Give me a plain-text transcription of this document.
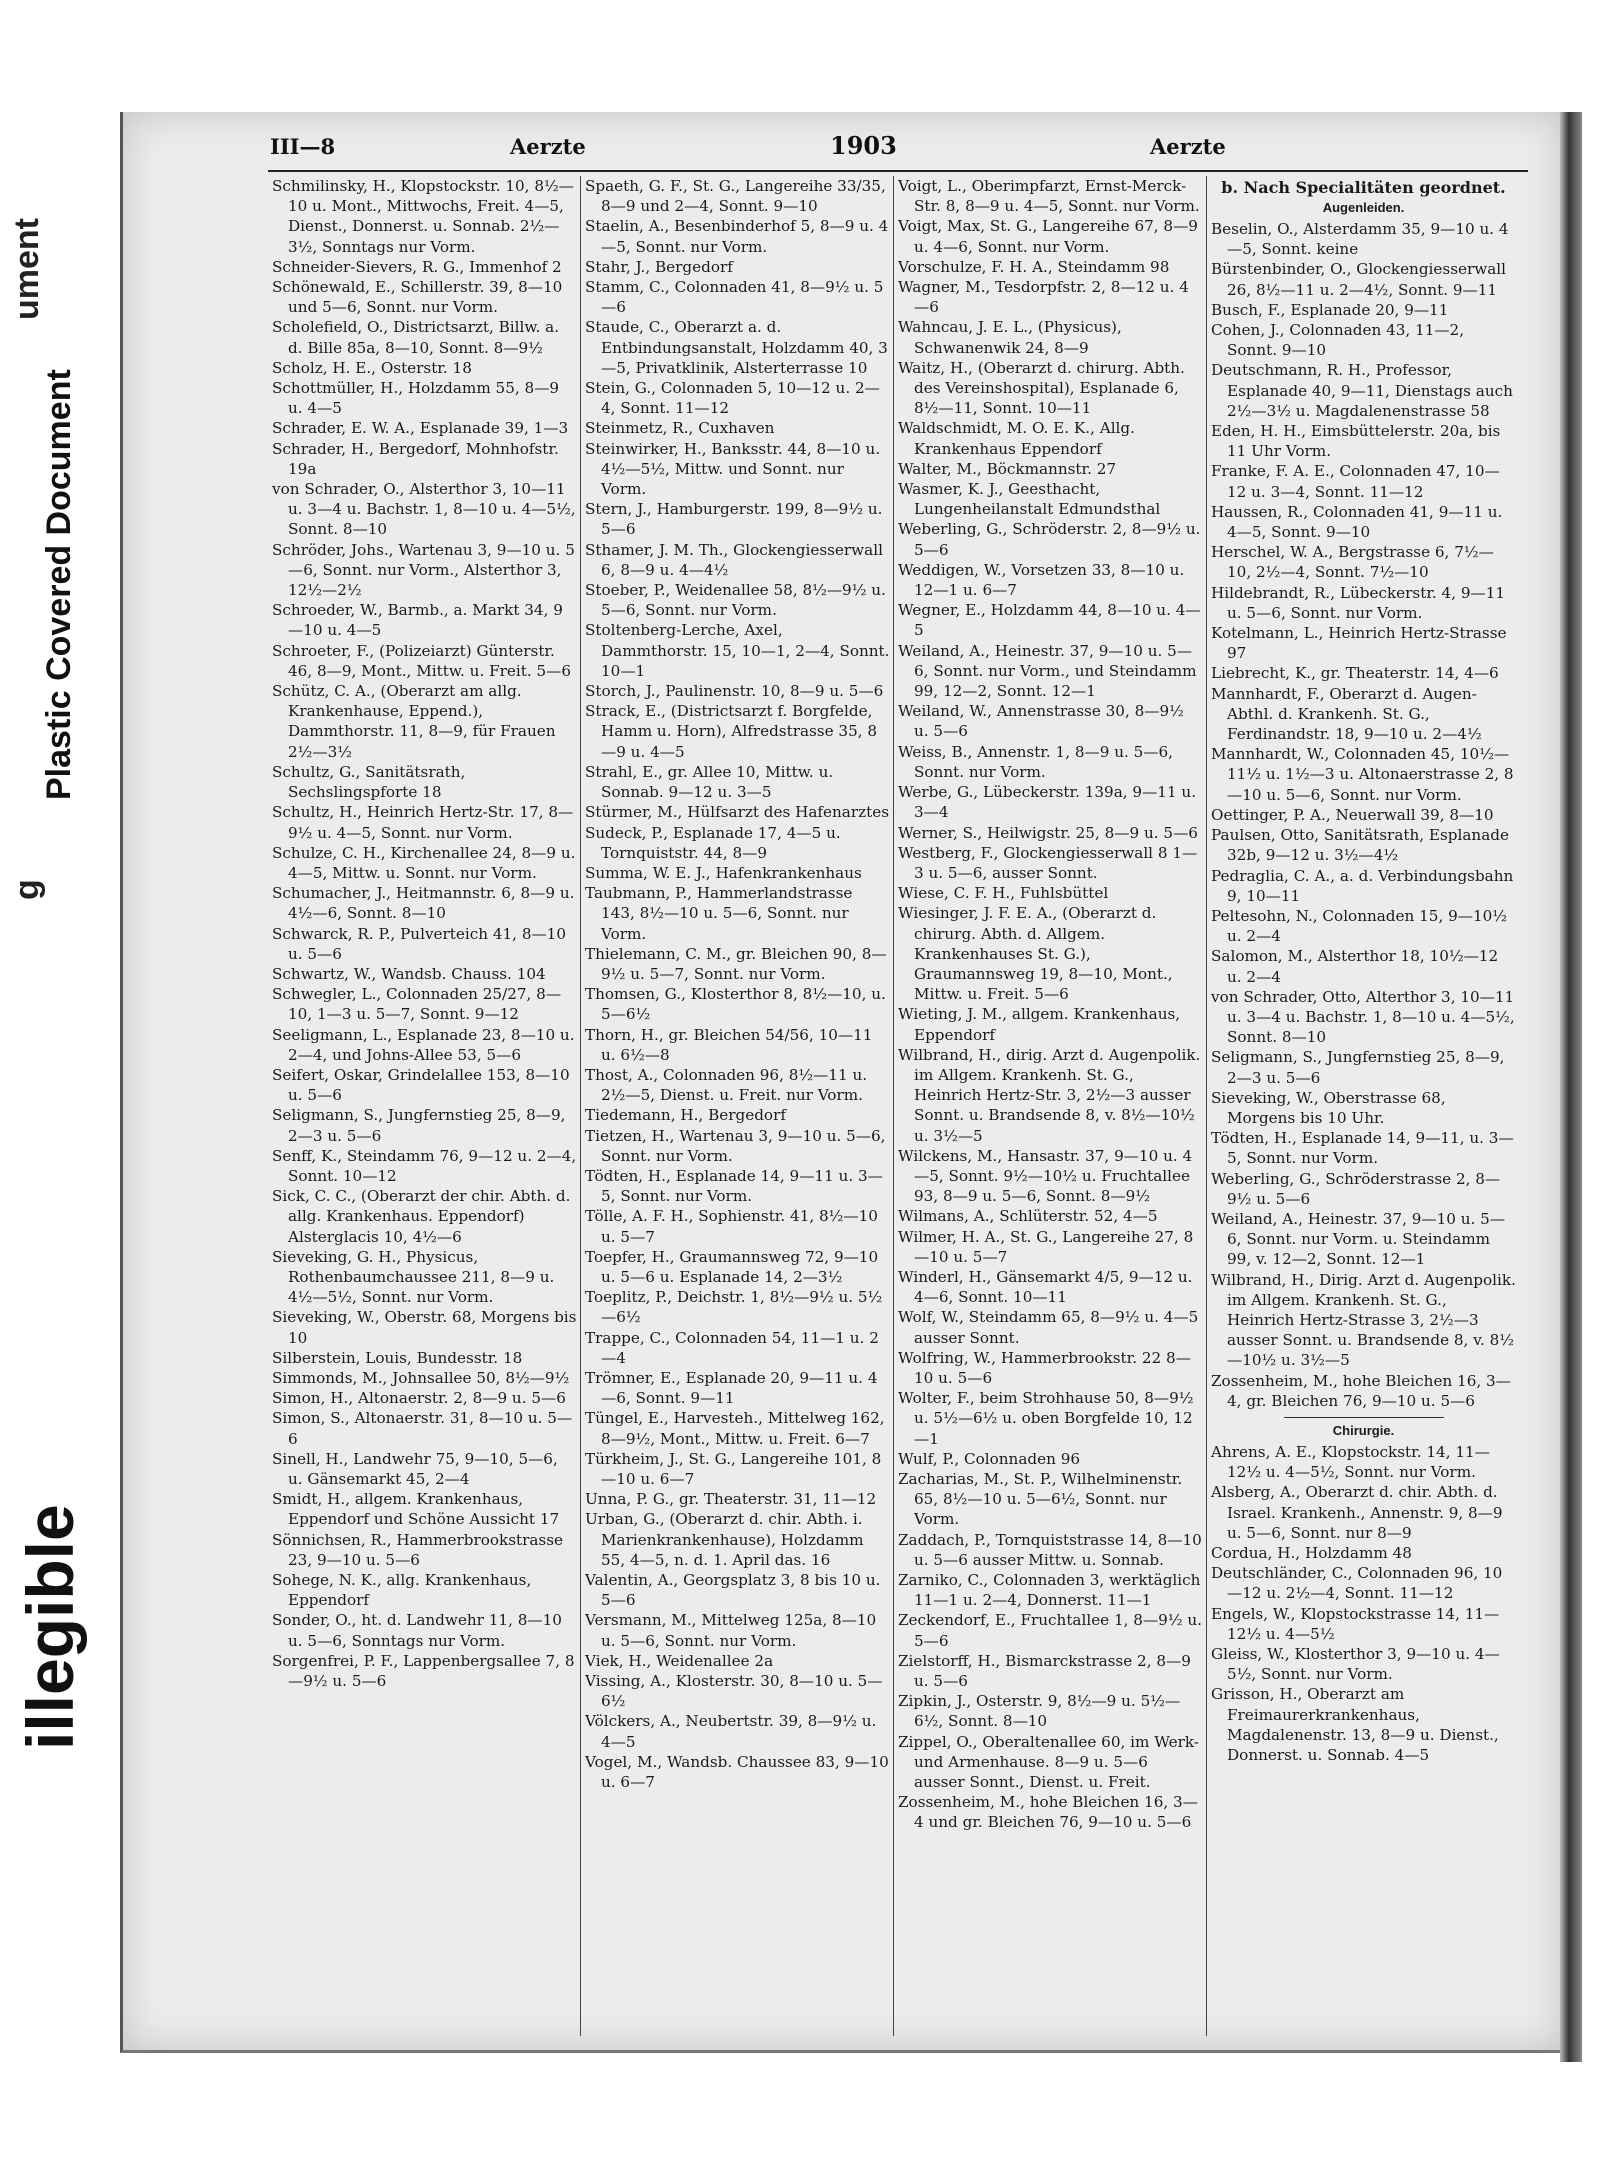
ument
Plastic Covered Document
g
illegible
III—8	Aerzte	1903	Aerzte

Schmilinsky, H., Klopstockstr. 10, 8½—10 u. Mont., Mittwochs, Freit. 4—5, Dienst., Donnerst. u. Sonnab. 2½—3½, Sonntags nur Vorm.

Schneider-Sievers, R. G., Immenhof 2

Schönewald, E., Schillerstr. 39, 8—10 und 5—6, Sonnt. nur Vorm.

Scholefield, O., Districtsarzt, Billw. a. d. Bille 85a, 8—10, Sonnt. 8—9½

Scholz, H. E., Osterstr. 18

Schottmüller, H., Holzdamm 55, 8—9 u. 4—5

Schrader, E. W. A., Esplanade 39, 1—3

Schrader, H., Bergedorf, Mohnhofstr. 19a

von Schrader, O., Alsterthor 3, 10—11 u. 3—4 u. Bachstr. 1, 8—10 u. 4—5½, Sonnt. 8—10

Schröder, Johs., Wartenau 3, 9—10 u. 5—6, Sonnt. nur Vorm., Alsterthor 3, 12½—2½

Schroeder, W., Barmb., a. Markt 34, 9—10 u. 4—5

Schroeter, F., (Polizeiarzt) Günterstr. 46, 8—9, Mont., Mittw. u. Freit. 5—6

Schütz, C. A., (Oberarzt am allg. Krankenhause, Eppend.), Dammthorstr. 11, 8—9, für Frauen 2½—3½

Schultz, G., Sanitätsrath, Sechslingspforte 18

Schultz, H., Heinrich Hertz-Str. 17, 8—9½ u. 4—5, Sonnt. nur Vorm.

Schulze, C. H., Kirchenallee 24, 8—9 u. 4—5, Mittw. u. Sonnt. nur Vorm.

Schumacher, J., Heitmannstr. 6, 8—9 u. 4½—6, Sonnt. 8—10

Schwarck, R. P., Pulverteich 41, 8—10 u. 5—6

Schwartz, W., Wandsb. Chauss. 104

Schwegler, L., Colonnaden 25/27, 8—10, 1—3 u. 5—7, Sonnt. 9—12

Seeligmann, L., Esplanade 23, 8—10 u. 2—4, und Johns-Allee 53, 5—6

Seifert, Oskar, Grindelallee 153, 8—10 u. 5—6

Seligmann, S., Jungfernstieg 25, 8—9, 2—3 u. 5—6

Senff, K., Steindamm 76, 9—12 u. 2—4, Sonnt. 10—12

Sick, C. C., (Oberarzt der chir. Abth. d. allg. Krankenhaus. Eppendorf) Alsterglacis 10, 4½—6

Sieveking, G. H., Physicus, Rothenbaumchaussee 211, 8—9 u. 4½—5½, Sonnt. nur Vorm.

Sieveking, W., Oberstr. 68, Morgens bis 10

Silberstein, Louis, Bundesstr. 18

Simmonds, M., Johnsallee 50, 8½—9½

Simon, H., Altonaerstr. 2, 8—9 u. 5—6

Simon, S., Altonaerstr. 31, 8—10 u. 5—6

Sinell, H., Landwehr 75, 9—10, 5—6, u. Gänsemarkt 45, 2—4

Smidt, H., allgem. Krankenhaus, Eppendorf und Schöne Aussicht 17

Sönnichsen, R., Hammerbrookstrasse 23, 9—10 u. 5—6

Sohege, N. K., allg. Krankenhaus, Eppendorf

Sonder, O., ht. d. Landwehr 11, 8—10 u. 5—6, Sonntags nur Vorm.

Sorgenfrei, P. F., Lappenbergsallee 7, 8—9½ u. 5—6

Spaeth, G. F., St. G., Langereihe 33/35, 8—9 und 2—4, Sonnt. 9—10

Staelin, A., Besenbinderhof 5, 8—9 u. 4—5, Sonnt. nur Vorm.

Stahr, J., Bergedorf

Stamm, C., Colonnaden 41, 8—9½ u. 5—6

Staude, C., Oberarzt a. d. Entbindungsanstalt, Holzdamm 40, 3—5, Privatklinik, Alsterterrasse 10

Stein, G., Colonnaden 5, 10—12 u. 2—4, Sonnt. 11—12

Steinmetz, R., Cuxhaven

Steinwirker, H., Banksstr. 44, 8—10 u. 4½—5½, Mittw. und Sonnt. nur Vorm.

Stern, J., Hamburgerstr. 199, 8—9½ u. 5—6

Sthamer, J. M. Th., Glockengiesserwall 6, 8—9 u. 4—4½

Stoeber, P., Weidenallee 58, 8½—9½ u. 5—6, Sonnt. nur Vorm.

Stoltenberg-Lerche, Axel, Dammthorstr. 15, 10—1, 2—4, Sonnt. 10—1

Storch, J., Paulinenstr. 10, 8—9 u. 5—6

Strack, E., (Districtsarzt f. Borgfelde, Hamm u. Horn), Alfredstrasse 35, 8—9 u. 4—5

Strahl, E., gr. Allee 10, Mittw. u. Sonnab. 9—12 u. 3—5

Stürmer, M., Hülfsarzt des Hafenarztes

Sudeck, P., Esplanade 17, 4—5 u. Tornquiststr. 44, 8—9

Summa, W. E. J., Hafenkrankenhaus

Taubmann, P., Hammerlandstrasse 143, 8½—10 u. 5—6, Sonnt. nur Vorm.

Thielemann, C. M., gr. Bleichen 90, 8—9½ u. 5—7, Sonnt. nur Vorm.

Thomsen, G., Klosterthor 8, 8½—10, u. 5—6½

Thorn, H., gr. Bleichen 54/56, 10—11 u. 6½—8

Thost, A., Colonnaden 96, 8½—11 u. 2½—5, Dienst. u. Freit. nur Vorm.

Tiedemann, H., Bergedorf

Tietzen, H., Wartenau 3, 9—10 u. 5—6, Sonnt. nur Vorm.

Tödten, H., Esplanade 14, 9—11 u. 3—5, Sonnt. nur Vorm.

Tölle, A. F. H., Sophienstr. 41, 8½—10 u. 5—7

Toepfer, H., Graumannsweg 72, 9—10 u. 5—6 u. Esplanade 14, 2—3½

Toeplitz, P., Deichstr. 1, 8½—9½ u. 5½—6½

Trappe, C., Colonnaden 54, 11—1 u. 2—4

Trömner, E., Esplanade 20, 9—11 u. 4—6, Sonnt. 9—11

Tüngel, E., Harvesteh., Mittelweg 162, 8—9½, Mont., Mittw. u. Freit. 6—7

Türkheim, J., St. G., Langereihe 101, 8—10 u. 6—7

Unna, P. G., gr. Theaterstr. 31, 11—12

Urban, G., (Oberarzt d. chir. Abth. i. Marienkrankenhause), Holzdamm 55, 4—5, n. d. 1. April das. 16

Valentin, A., Georgsplatz 3, 8 bis 10 u. 5—6

Versmann, M., Mittelweg 125a, 8—10 u. 5—6, Sonnt. nur Vorm.

Viek, H., Weidenallee 2a

Vissing, A., Klosterstr. 30, 8—10 u. 5—6½

Völckers, A., Neubertstr. 39, 8—9½ u. 4—5

Vogel, M., Wandsb. Chaussee 83, 9—10 u. 6—7

Voigt, L., Oberimpfarzt, Ernst-Merck-Str. 8, 8—9 u. 4—5, Sonnt. nur Vorm.

Voigt, Max, St. G., Langereihe 67, 8—9 u. 4—6, Sonnt. nur Vorm.

Vorschulze, F. H. A., Steindamm 98

Wagner, M., Tesdorpfstr. 2, 8—12 u. 4—6

Wahncau, J. E. L., (Physicus), Schwanenwik 24, 8—9

Waitz, H., (Oberarzt d. chirurg. Abth. des Vereinshospital), Esplanade 6, 8½—11, Sonnt. 10—11

Waldschmidt, M. O. E. K., Allg. Krankenhaus Eppendorf

Walter, M., Böckmannstr. 27

Wasmer, K. J., Geesthacht, Lungenheilanstalt Edmundsthal

Weberling, G., Schröderstr. 2, 8—9½ u. 5—6

Weddigen, W., Vorsetzen 33, 8—10 u. 12—1 u. 6—7

Wegner, E., Holzdamm 44, 8—10 u. 4—5

Weiland, A., Heinestr. 37, 9—10 u. 5—6, Sonnt. nur Vorm., und Steindamm 99, 12—2, Sonnt. 12—1

Weiland, W., Annenstrasse 30, 8—9½ u. 5—6

Weiss, B., Annenstr. 1, 8—9 u. 5—6, Sonnt. nur Vorm.

Werbe, G., Lübeckerstr. 139a, 9—11 u. 3—4

Werner, S., Heilwigstr. 25, 8—9 u. 5—6

Westberg, F., Glockengiesserwall 8 1—3 u. 5—6, ausser Sonnt.

Wiese, C. F. H., Fuhlsbüttel

Wiesinger, J. F. E. A., (Oberarzt d. chirurg. Abth. d. Allgem. Krankenhauses St. G.), Graumannsweg 19, 8—10, Mont., Mittw. u. Freit. 5—6

Wieting, J. M., allgem. Krankenhaus, Eppendorf

Wilbrand, H., dirig. Arzt d. Augenpolik. im Allgem. Krankenh. St. G., Heinrich Hertz-Str. 3, 2½—3 ausser Sonnt. u. Brandsende 8, v. 8½—10½ u. 3½—5

Wilckens, M., Hansastr. 37, 9—10 u. 4—5, Sonnt. 9½—10½ u. Fruchtallee 93, 8—9 u. 5—6, Sonnt. 8—9½

Wilmans, A., Schlüterstr. 52, 4—5

Wilmer, H. A., St. G., Langereihe 27, 8—10 u. 5—7

Winderl, H., Gänsemarkt 4/5, 9—12 u. 4—6, Sonnt. 10—11

Wolf, W., Steindamm 65, 8—9½ u. 4—5 ausser Sonnt.

Wolfring, W., Hammerbrookstr. 22 8—10 u. 5—6

Wolter, F., beim Strohhause 50, 8—9½ u. 5½—6½ u. oben Borgfelde 10, 12—1

Wulf, P., Colonnaden 96

Zacharias, M., St. P., Wilhelminenstr. 65, 8½—10 u. 5—6½, Sonnt. nur Vorm.

Zaddach, P., Tornquiststrasse 14, 8—10 u. 5—6 ausser Mittw. u. Sonnab.

Zarniko, C., Colonnaden 3, werktäglich 11—1 u. 2—4, Donnerst. 11—1

Zeckendorf, E., Fruchtallee 1, 8—9½ u. 5—6

Zielstorff, H., Bismarckstrasse 2, 8—9 u. 5—6

Zipkin, J., Osterstr. 9, 8½—9 u. 5½—6½, Sonnt. 8—10

Zippel, O., Oberaltenallee 60, im Werk- und Armenhause. 8—9 u. 5—6 ausser Sonnt., Dienst. u. Freit.

Zossenheim, M., hohe Bleichen 16, 3—4 und gr. Bleichen 76, 9—10 u. 5—6

b. Nach Specialitäten geordnet.
Augenleiden.

Beselin, O., Alsterdamm 35, 9—10 u. 4—5, Sonnt. keine

Bürstenbinder, O., Glockengiesserwall 26, 8½—11 u. 2—4½, Sonnt. 9—11

Busch, F., Esplanade 20, 9—11

Cohen, J., Colonnaden 43, 11—2, Sonnt. 9—10

Deutschmann, R. H., Professor, Esplanade 40, 9—11, Dienstags auch 2½—3½ u. Magdalenenstrasse 58

Eden, H. H., Eimsbüttelerstr. 20a, bis 11 Uhr Vorm.

Franke, F. A. E., Colonnaden 47, 10—12 u. 3—4, Sonnt. 11—12

Haussen, R., Colonnaden 41, 9—11 u. 4—5, Sonnt. 9—10

Herschel, W. A., Bergstrasse 6, 7½—10, 2½—4, Sonnt. 7½—10

Hildebrandt, R., Lübeckerstr. 4, 9—11 u. 5—6, Sonnt. nur Vorm.

Kotelmann, L., Heinrich Hertz-Strasse 97

Liebrecht, K., gr. Theaterstr. 14, 4—6

Mannhardt, F., Oberarzt d. Augen-Abthl. d. Krankenh. St. G., Ferdinandstr. 18, 9—10 u. 2—4½

Mannhardt, W., Colonnaden 45, 10½—11½ u. 1½—3 u. Altonaerstrasse 2, 8—10 u. 5—6, Sonnt. nur Vorm.

Oettinger, P. A., Neuerwall 39, 8—10

Paulsen, Otto, Sanitätsrath, Esplanade 32b, 9—12 u. 3½—4½

Pedraglia, C. A., a. d. Verbindungsbahn 9, 10—11

Peltesohn, N., Colonnaden 15, 9—10½ u. 2—4

Salomon, M., Alsterthor 18, 10½—12 u. 2—4

von Schrader, Otto, Alterthor 3, 10—11 u. 3—4 u. Bachstr. 1, 8—10 u. 4—5½, Sonnt. 8—10

Seligmann, S., Jungfernstieg 25, 8—9, 2—3 u. 5—6

Sieveking, W., Oberstrasse 68, Morgens bis 10 Uhr.

Tödten, H., Esplanade 14, 9—11, u. 3—5, Sonnt. nur Vorm.

Weberling, G., Schröderstrasse 2, 8—9½ u. 5—6

Weiland, A., Heinestr. 37, 9—10 u. 5—6, Sonnt. nur Vorm. u. Steindamm 99, v. 12—2, Sonnt. 12—1

Wilbrand, H., Dirig. Arzt d. Augenpolik. im Allgem. Krankenh. St. G., Heinrich Hertz-Strasse 3, 2½—3 ausser Sonnt. u. Brandsende 8, v. 8½—10½ u. 3½—5

Zossenheim, M., hohe Bleichen 16, 3—4, gr. Bleichen 76, 9—10 u. 5—6

Chirurgie.

Ahrens, A. E., Klopstockstr. 14, 11—12½ u. 4—5½, Sonnt. nur Vorm.

Alsberg, A., Oberarzt d. chir. Abth. d. Israel. Krankenh., Annenstr. 9, 8—9 u. 5—6, Sonnt. nur 8—9

Cordua, H., Holzdamm 48

Deutschländer, C., Colonnaden 96, 10—12 u. 2½—4, Sonnt. 11—12

Engels, W., Klopstockstrasse 14, 11—12½ u. 4—5½

Gleiss, W., Klosterthor 3, 9—10 u. 4—5½, Sonnt. nur Vorm.

Grisson, H., Oberarzt am Freimaurerkrankenhaus, Magdalenenstr. 13, 8—9 u. Dienst., Donnerst. u. Sonnab. 4—5
